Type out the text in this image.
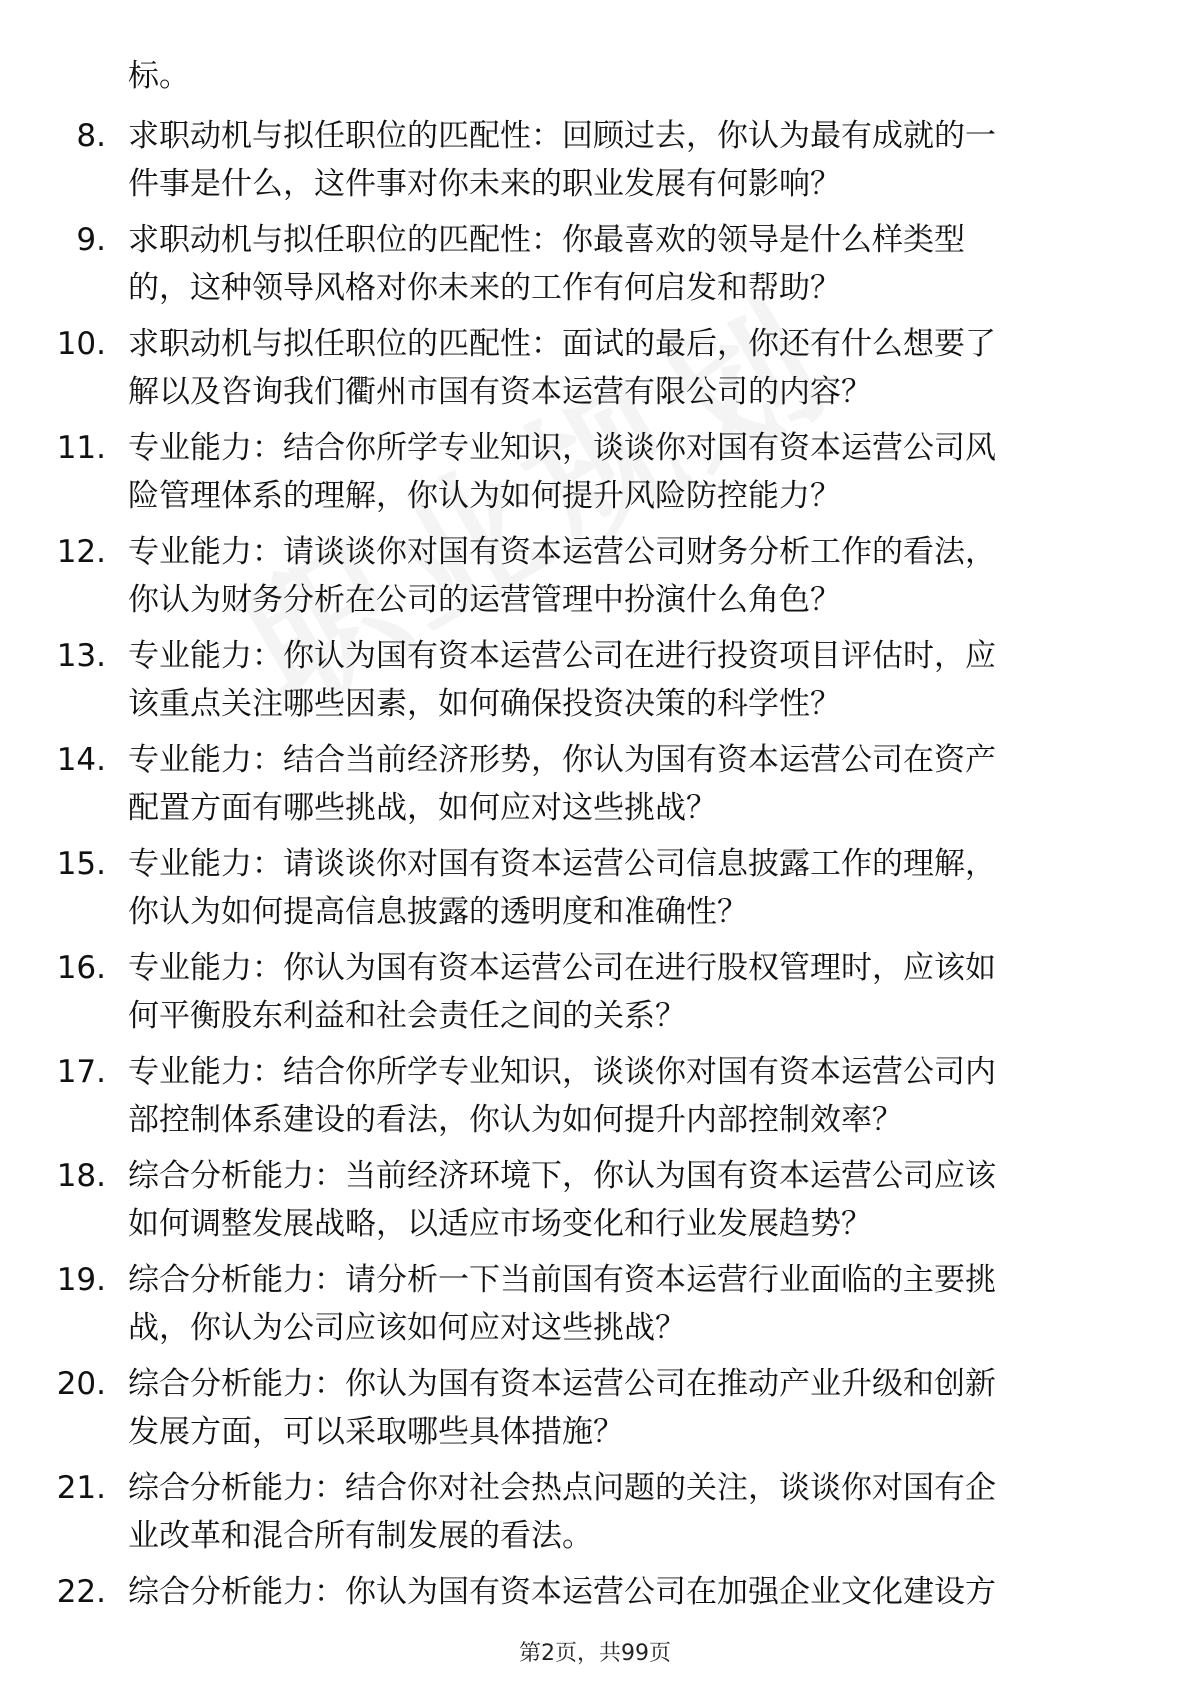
标。
8. 求职动机与拟任职位的匹配性：回顾过去，你认为最有成就的一
件事是什么，这件事对你未来的职业发展有何影响？
9. 求职动机与拟任职位的匹配性：你最喜欢的领导是什么样类型
的，这种领导风格对你未来的工作有何启发和帮助？
10. 求职动机与拟任职位的匹配性：面试的最后，你还有什么想要了
解以及咨询我们衢州市国有资本运营有限公司的内容？
11. 专业能力：结合你所学专业知识，谈谈你对国有资本运营公司风
险管理体系的理解，你认为如何提升风险防控能力？
12. 专业能力：请谈谈你对国有资本运营公司财务分析工作的看法，
你认为财务分析在公司的运营管理中扮演什么角色？
13. 专业能力：你认为国有资本运营公司在进行投资项目评估时，应
该重点关注哪些因素，如何确保投资决策的科学性？
14. 专业能力：结合当前经济形势，你认为国有资本运营公司在资产
配置方面有哪些挑战，如何应对这些挑战？
15. 专业能力：请谈谈你对国有资本运营公司信息披露工作的理解，
你认为如何提高信息披露的透明度和准确性？
16. 专业能力：你认为国有资本运营公司在进行股权管理时，应该如
何平衡股东利益和社会责任之间的关系？
17. 专业能力：结合你所学专业知识，谈谈你对国有资本运营公司内
部控制体系建设的看法，你认为如何提升内部控制效率？
18. 综合分析能力：当前经济环境下，你认为国有资本运营公司应该
如何调整发展战略，以适应市场变化和行业发展趋势？
19. 综合分析能力：请分析一下当前国有资本运营行业面临的主要挑
战，你认为公司应该如何应对这些挑战？
20. 综合分析能力：你认为国有资本运营公司在推动产业升级和创新
发展方面，可以采取哪些具体措施？
21. 综合分析能力：结合你对社会热点问题的关注，谈谈你对国有企
业改革和混合所有制发展的看法。
22. 综合分析能力：你认为国有资本运营公司在加强企业文化建设方
第2页，共99页
